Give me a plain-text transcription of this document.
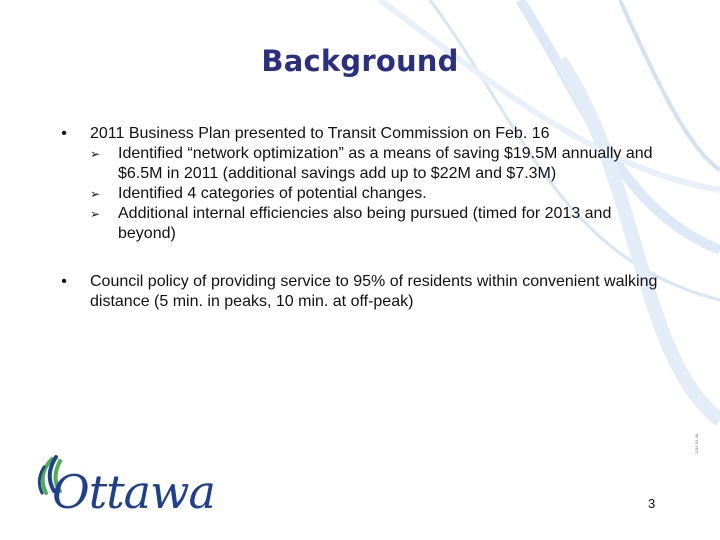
Background
• 2011 Business Plan presented to Transit Commission on Feb. 16
➢ Identified “network optimization” as a means of saving $19.5M annually and $6.5M in 2011 (additional savings add up to $22M and $7.3M)
➢ Identified 4 categories of potential changes.
➢ Additional internal efficiencies also being pursued (timed for 2013 and beyond)
• Council policy of providing service to 95% of residents within convenient walking distance (5 min. in peaks, 10 min. at off-peak)
Ottawa	3
2011-03-08
